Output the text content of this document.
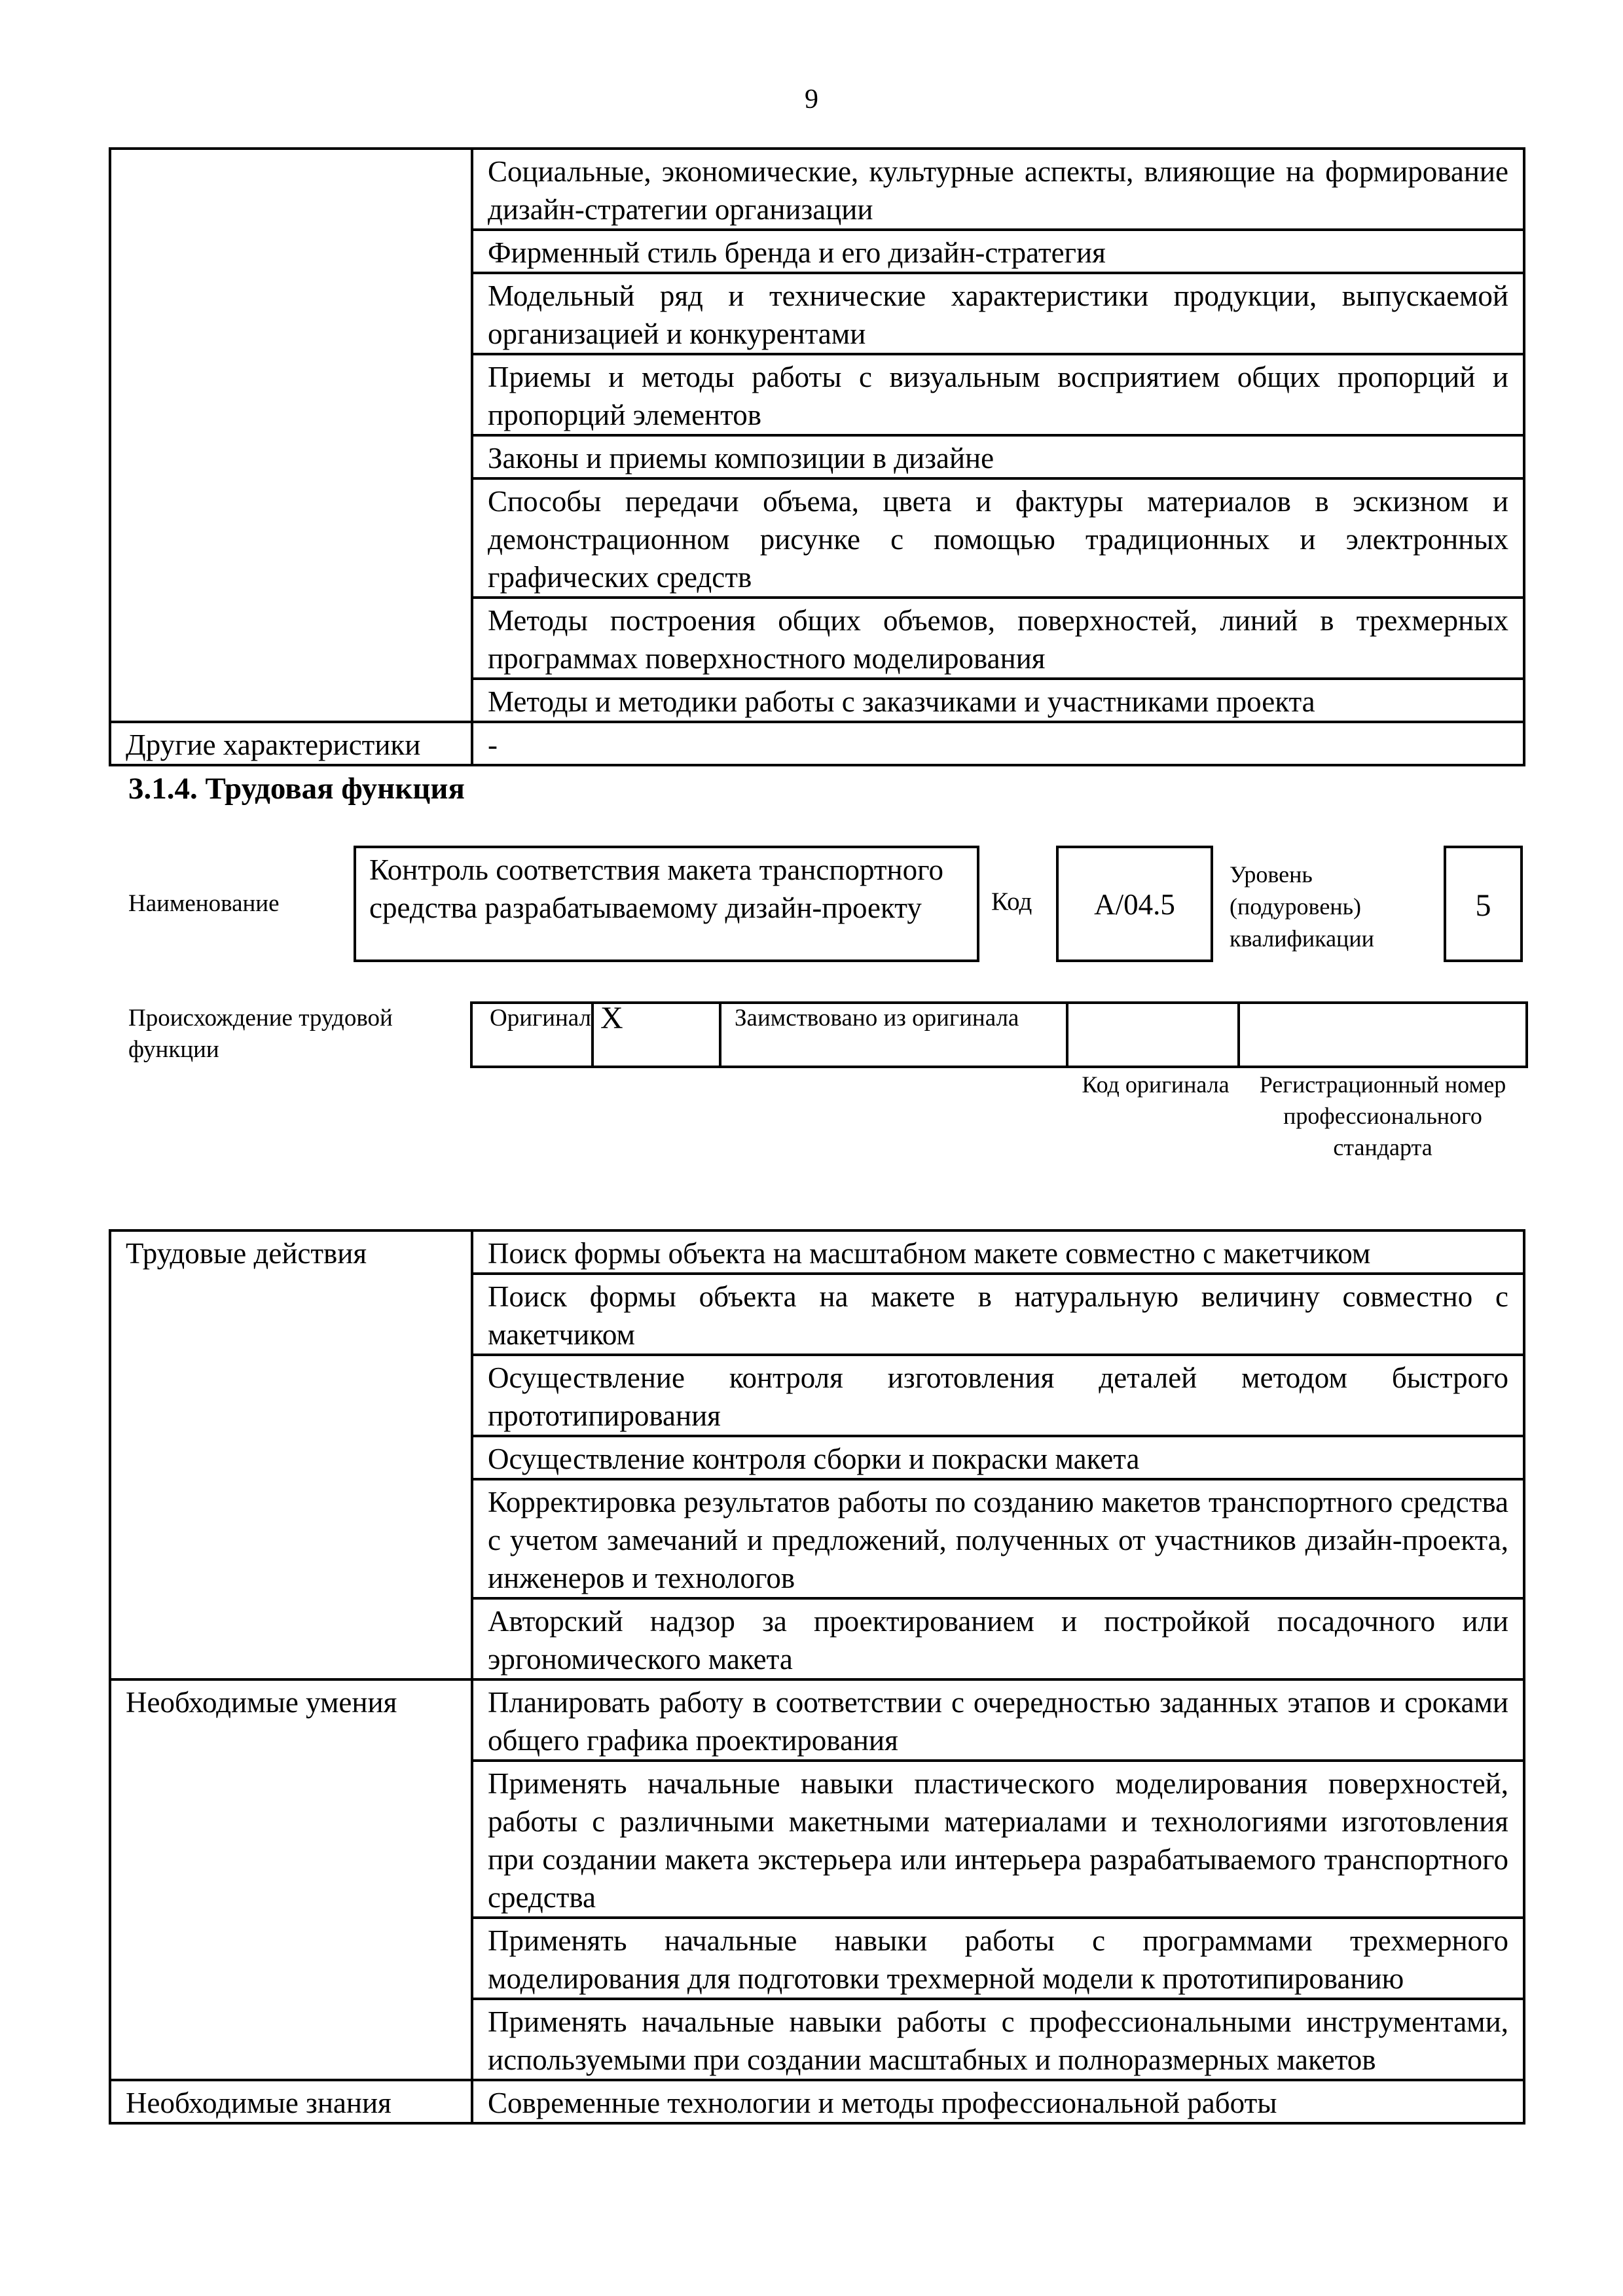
9

	Социальные, экономические, культурные аспекты, влияющие на формирование дизайн-стратегии организации

	Фирменный стиль бренда и его дизайн-стратегия

	Модельный ряд и технические характеристики продукции, выпускаемой организацией и конкурентами

	Приемы и методы работы с визуальным восприятием общих пропорций и пропорций элементов

	Законы и приемы композиции в дизайне

	Способы передачи объема, цвета и фактуры материалов в эскизном и демонстрационном рисунке с помощью традиционных и электронных графических средств

	Методы построения общих объемов, поверхностей, линий в трехмерных программах поверхностного моделирования

	Методы и методики работы с заказчиками и участниками проекта

Другие характеристики	-
3.1.4. Трудовая функция
Наименование
Контроль соответствия макета транспортного средства разрабатываемому дизайн-проекту	Код	A/04.5
Уровень (подуровень) квалификации
5
Происхождение трудовой функции
Оригинал	X	Заимствовано из оригинала

Код оригинала	Регистрационный номер профессионального стандарта
Трудовые действия	Поиск формы объекта на масштабном макете совместно с макетчиком

	Поиск формы объекта на макете в натуральную величину совместно с макетчиком

	Осуществление контроля изготовления деталей методом быстрого прототипирования

	Осуществление контроля сборки и покраски макета

	Корректировка результатов работы по созданию макетов транспортного средства с учетом замечаний и предложений, полученных от участников дизайн-проекта, инженеров и технологов

	Авторский надзор за проектированием и постройкой посадочного или эргономического макета

Необходимые умения	Планировать работу в соответствии с очередностью заданных этапов и сроками общего графика проектирования

	Применять начальные навыки пластического моделирования поверхностей, работы с различными макетными материалами и технологиями изготовления при создании макета экстерьера или интерьера разрабатываемого транспортного средства

	Применять начальные навыки работы с программами трехмерного моделирования для подготовки трехмерной модели к прототипированию

	Применять начальные навыки работы с профессиональными инструментами, используемыми при создании масштабных и полноразмерных макетов

Необходимые знания	Современные технологии и методы профессиональной работы
